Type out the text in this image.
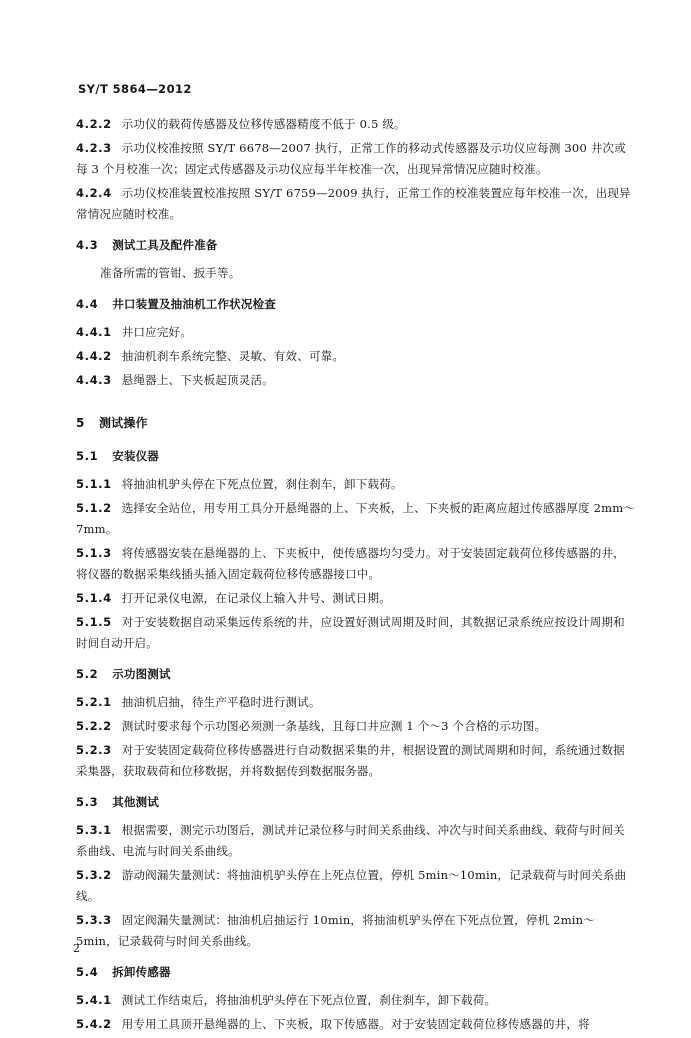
SY/T 5864—2012
4.2.2 示功仪的载荷传感器及位移传感器精度不低于 0.5 级。
4.2.3 示功仪校准按照 SY/T 6678—2007 执行，正常工作的移动式传感器及示功仪应每测 300 井次或每 3 个月校准一次；固定式传感器及示功仪应每半年校准一次，出现异常情况应随时校准。
4.2.4 示功仪校准装置校准按照 SY/T 6759—2009 执行，正常工作的校准装置应每年校准一次，出现异常情况应随时校准。
4.3 测试工具及配件准备
准备所需的管钳、扳手等。
4.4 井口装置及抽油机工作状况检查
4.4.1 井口应完好。
4.4.2 抽油机刹车系统完整、灵敏、有效、可靠。
4.4.3 悬绳器上、下夹板起顶灵活。
5 测试操作
5.1 安装仪器
5.1.1 将抽油机驴头停在下死点位置，刹住刹车，卸下载荷。
5.1.2 选择安全站位，用专用工具分开悬绳器的上、下夹板，上、下夹板的距离应超过传感器厚度 2mm～7mm。
5.1.3 将传感器安装在悬绳器的上、下夹板中，使传感器均匀受力。对于安装固定载荷位移传感器的井，将仪器的数据采集线插头插入固定载荷位移传感器接口中。
5.1.4 打开记录仪电源，在记录仪上输入井号、测试日期。
5.1.5 对于安装数据自动采集远传系统的井，应设置好测试周期及时间，其数据记录系统应按设计周期和时间自动开启。
5.2 示功图测试
5.2.1 抽油机启抽，待生产平稳时进行测试。
5.2.2 测试时要求每个示功图必须测一条基线，且每口井应测 1 个～3 个合格的示功图。
5.2.3 对于安装固定载荷位移传感器进行自动数据采集的井，根据设置的测试周期和时间，系统通过数据采集器，获取载荷和位移数据，并将数据传到数据服务器。
5.3 其他测试
5.3.1 根据需要，测完示功图后，测试并记录位移与时间关系曲线、冲次与时间关系曲线、载荷与时间关系曲线、电流与时间关系曲线。
5.3.2 游动阀漏失量测试：将抽油机驴头停在上死点位置，停机 5min～10min，记录载荷与时间关系曲线。
5.3.3 固定阀漏失量测试：抽油机启抽运行 10min，将抽油机驴头停在下死点位置，停机 2min～5min，记录载荷与时间关系曲线。
5.4 拆卸传感器
5.4.1 测试工作结束后，将抽油机驴头停在下死点位置，刹住刹车，卸下载荷。
5.4.2 用专用工具顶开悬绳器的上、下夹板，取下传感器。对于安装固定载荷位移传感器的井，将
2
